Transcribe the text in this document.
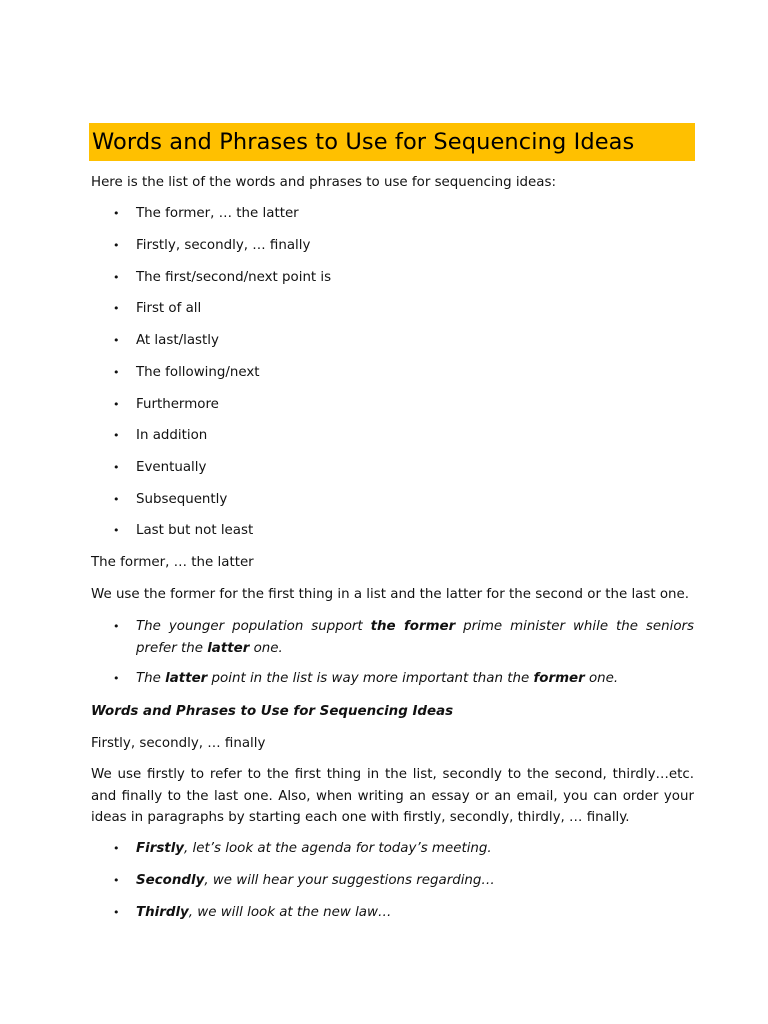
Words and Phrases to Use for Sequencing Ideas
Here is the list of the words and phrases to use for sequencing ideas:
• The former, … the latter
• Firstly, secondly, … finally
• The first/second/next point is
• First of all
• At last/lastly
• The following/next
• Furthermore
• In addition
• Eventually
• Subsequently
• Last but not least
The former, … the latter
We use the former for the first thing in a list and the latter for the second or the last one.
• The younger population support the former prime minister while the seniors prefer the latter one.
• The latter point in the list is way more important than the former one.
Words and Phrases to Use for Sequencing Ideas
Firstly, secondly, … finally
We use firstly to refer to the first thing in the list, secondly to the second, thirdly…etc. and finally to the last one. Also, when writing an essay or an email, you can order your ideas in paragraphs by starting each one with firstly, secondly, thirdly, … finally.
• Firstly, let’s look at the agenda for today’s meeting.
• Secondly, we will hear your suggestions regarding…
• Thirdly, we will look at the new law…
